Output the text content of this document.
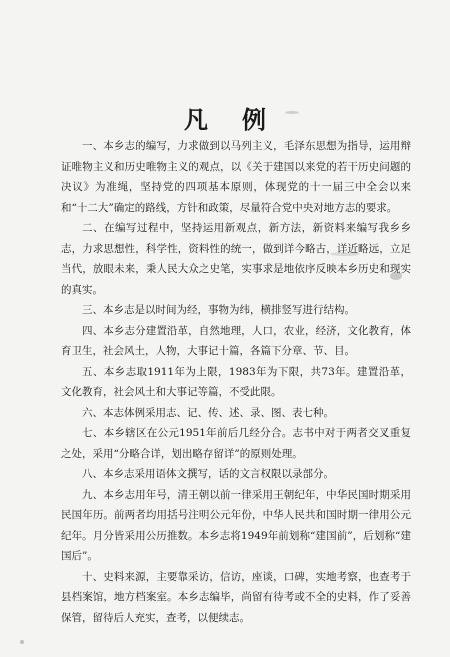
凡例

一、本乡志的编写，力求做到以马列主义，毛泽东思想为指导，运用辩证唯物主义和历史唯物主义的观点，以《关于建国以来党的若干历史问题的决议》为准绳，坚持党的四项基本原则，体现党的十一届三中全会以来和“十二大”确定的路线，方针和政策，尽量符合党中央对地方志的要求。

二、在编写过程中，坚持运用新观点，新方法，新资料来编写我乡乡志，力求思想性，科学性，资料性的统一，做到详今略古，详近略远，立足当代，放眼未来，秉人民大众之史笔，实事求是地依序反映本乡历史和现实的真实。

三、本乡志是以时间为经，事物为纬，横排竖写进行结构。

四、本乡志分建置沿革，自然地理，人口，农业，经济，文化教育，体育卫生，社会风土，人物，大事记十篇，各篇下分章、节、目。

五、本乡志取1911年为上限，1983年为下限，共73年。建置沿革，文化教育，社会风土和大事记等篇，不受此限。

六、本志体例采用志、记、传、述、录、图、表七种。

七、本乡辖区在公元1951年前后几经分合。志书中对于两者交叉重复之处，采用“分略合详，划出略存留详”的原则处理。

八、本乡志采用语体文撰写，话的文言权限以录部分。

九、本乡志用年号，清王朝以前一律采用王朝纪年，中华民国时期采用民国年历。前两者均用括号注明公元年份，中华人民共和国时期一律用公元纪年。月分皆采用公历推数。本乡志将1949年前划称“建国前”，后划称“建国后”。

十、史料来源，主要靠采访，信访，座谈，口碑，实地考察，也查考于县档案馆，地方档案室。本乡志编毕，尚留有待考或不全的史料，作了妥善保管，留待后人充实，查考，以便续志。
